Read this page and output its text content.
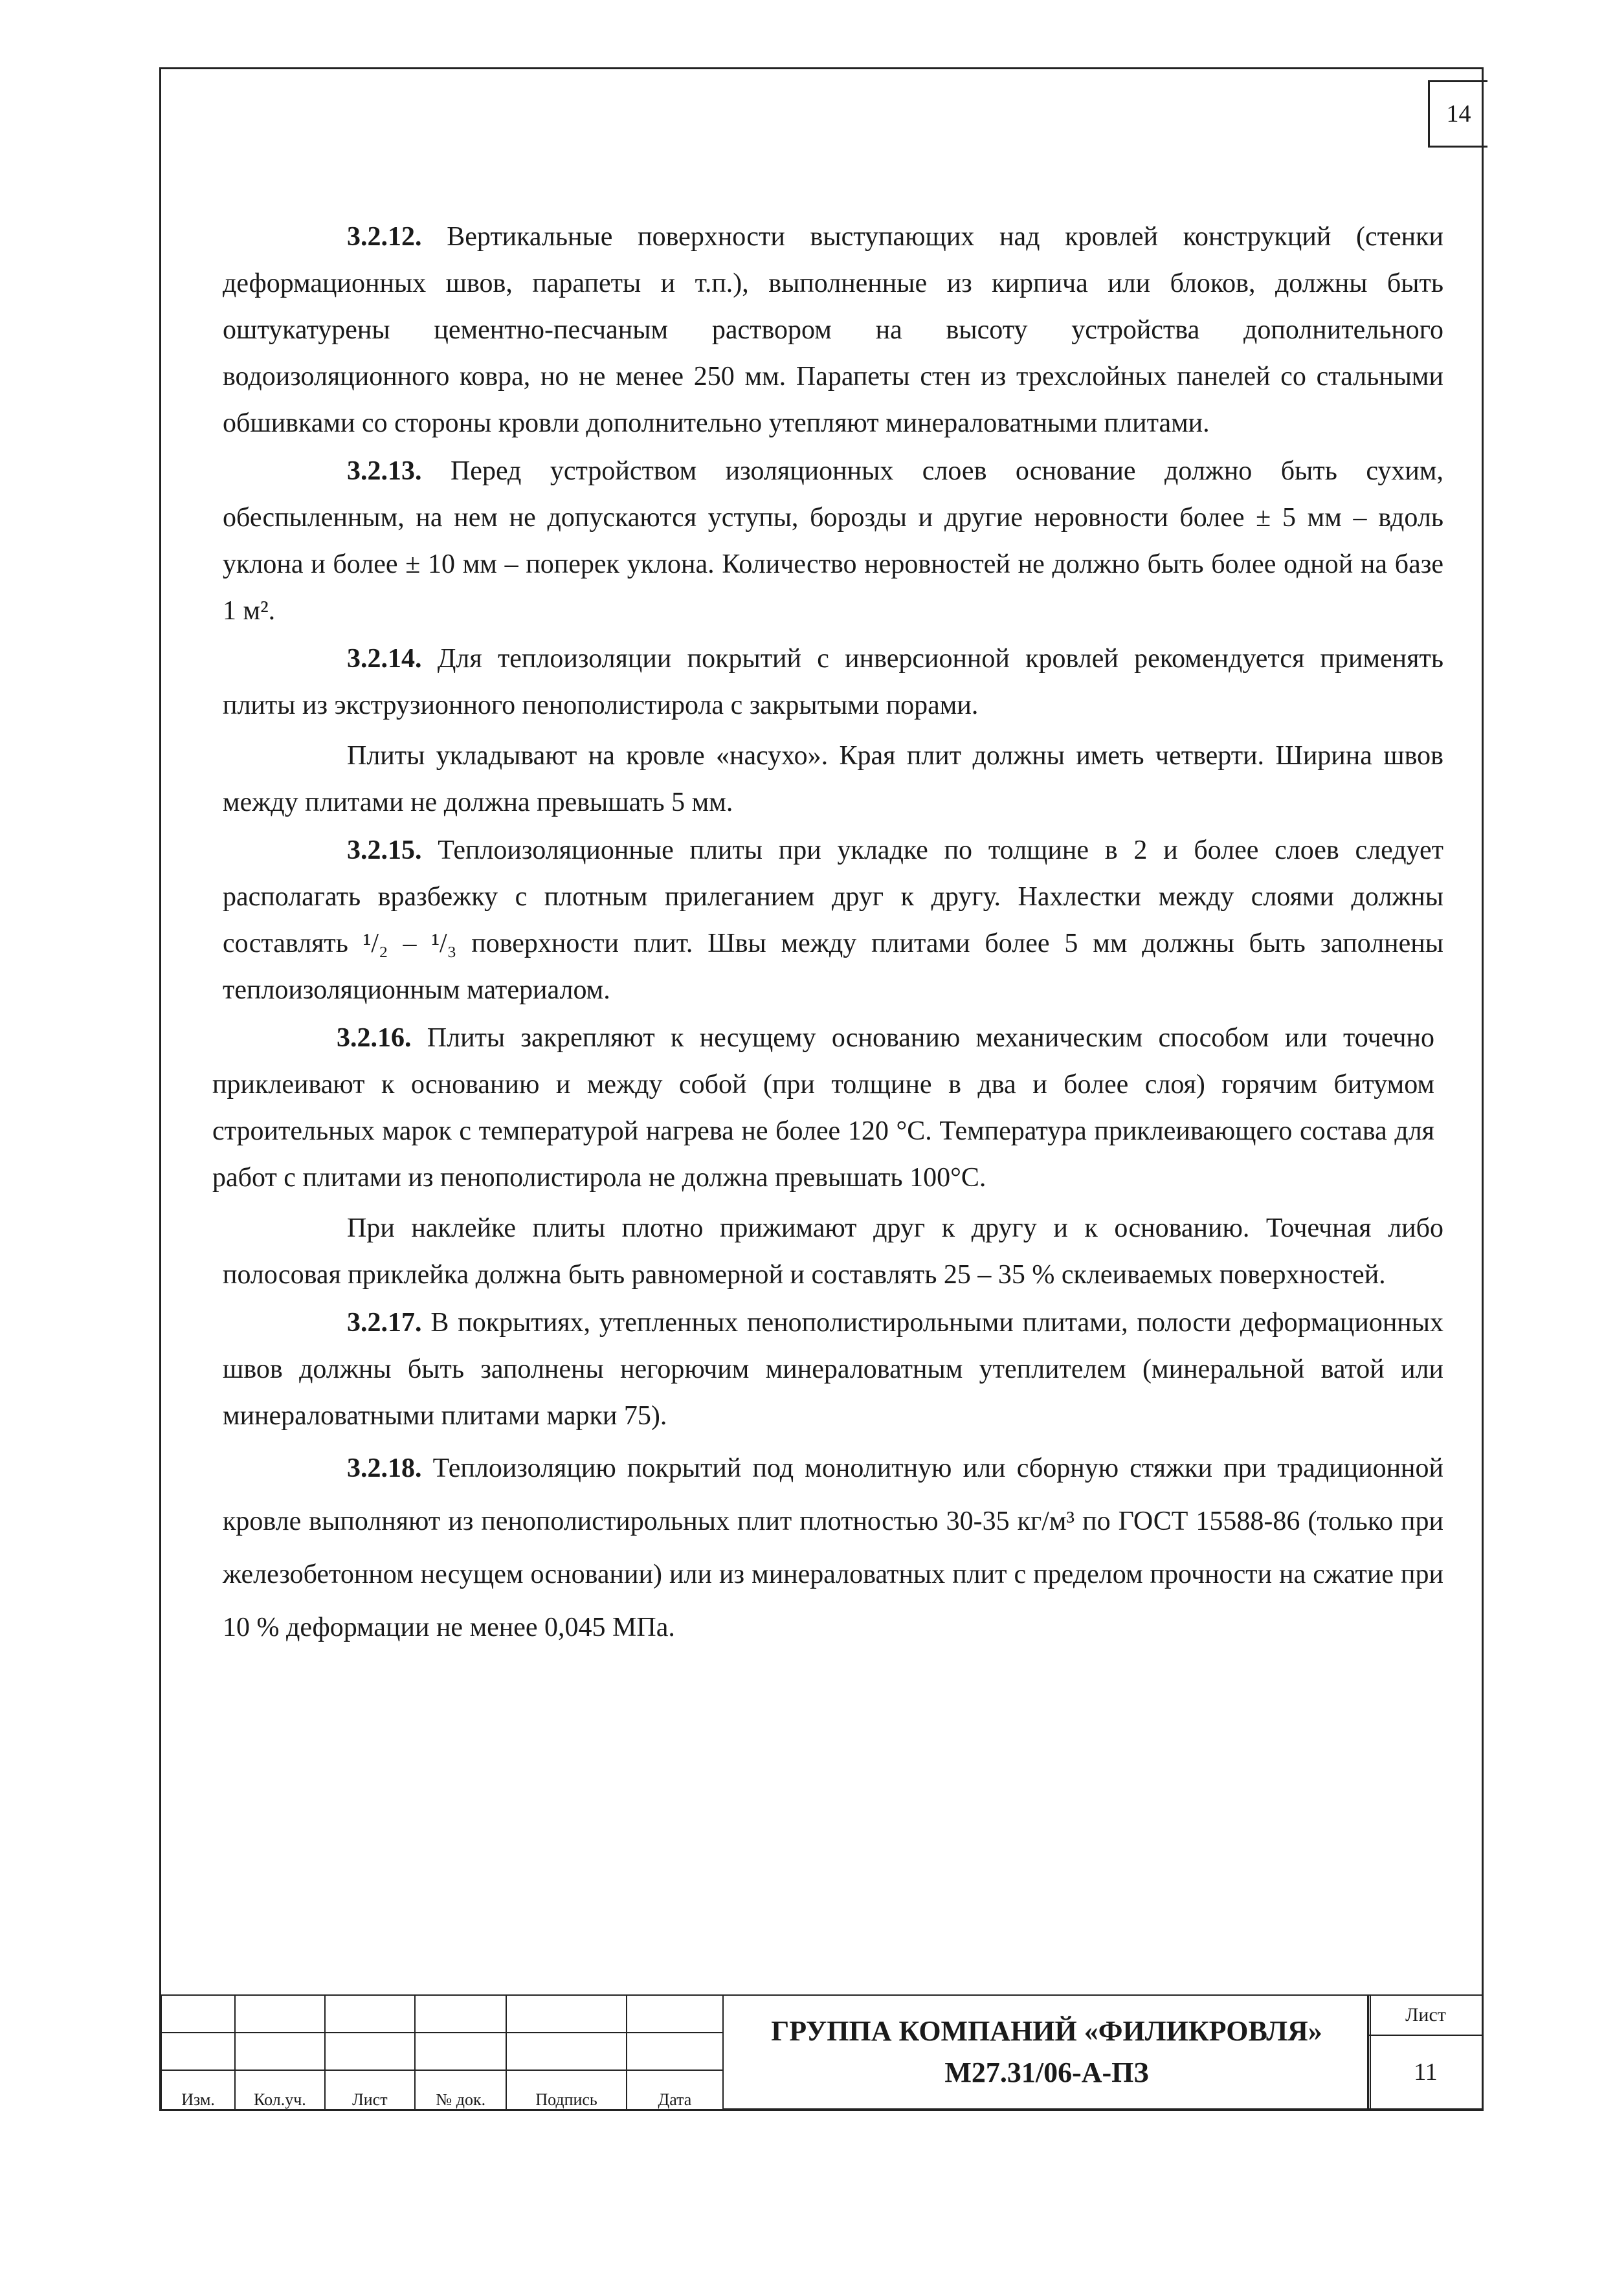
14

3.2.12. Вертикальные поверхности выступающих над кровлей конструкций (стенки деформационных швов, парапеты и т.п.), выполненные из кирпича или блоков, должны быть оштукатурены цементно-песчаным раствором на высоту устройства дополнительного водоизоляционного ковра, но не менее 250 мм. Парапеты стен из трехслойных панелей со стальными обшивками со стороны кровли дополнительно утепляют минераловатными плитами.

3.2.13. Перед устройством изоляционных слоев основание должно быть сухим, обеспыленным, на нем не допускаются уступы, борозды и другие неровности более ± 5 мм – вдоль уклона и более ± 10 мм – поперек уклона. Количество неровностей не должно быть более одной на базе 1 м².

3.2.14. Для теплоизоляции покрытий с инверсионной кровлей рекомендуется применять плиты из экструзионного пенополистирола с закрытыми порами.

Плиты укладывают на кровле «насухо». Края плит должны иметь четверти. Ширина швов между плитами не должна превышать 5 мм.

3.2.15. Теплоизоляционные плиты при укладке по толщине в 2 и более слоев следует располагать вразбежку с плотным прилеганием друг к другу. Нахлестки между слоями должны составлять ¹/₂ – ¹/₃ поверхности плит. Швы между плитами более 5 мм должны быть заполнены теплоизоляционным материалом.

3.2.16. Плиты закрепляют к несущему основанию механическим способом или точечно приклеивают к основанию и между собой (при толщине в два и более слоя) горячим битумом строительных марок с температурой нагрева не более 120 °С. Температура приклеивающего состава для работ с плитами из пенополистирола не должна превышать 100°С.

При наклейке плиты плотно прижимают друг к другу и к основанию. Точечная либо полосовая приклейка должна быть равномерной и составлять 25 – 35 % склеиваемых поверхностей.

3.2.17. В покрытиях, утепленных пенополистирольными плитами, полости деформационных швов должны быть заполнены негорючим минераловатным утеплителем (минеральной ватой или минераловатными плитами марки 75).

3.2.18. Теплоизоляцию покрытий под монолитную или сборную стяжки при традиционной кровле выполняют из пенополистирольных плит плотностью 30-35 кг/м³ по ГОСТ 15588-86 (только при железобетонном несущем основании) или из минераловатных плит с пределом прочности на сжатие при 10 % деформации не менее 0,045 МПа.

Изм.	Кол.уч.	Лист	№ док.	Подпись	Дата
ГРУППА КОМПАНИЙ «ФИЛИКРОВЛЯ»
М27.31/06-А-ПЗ
Лист
11
